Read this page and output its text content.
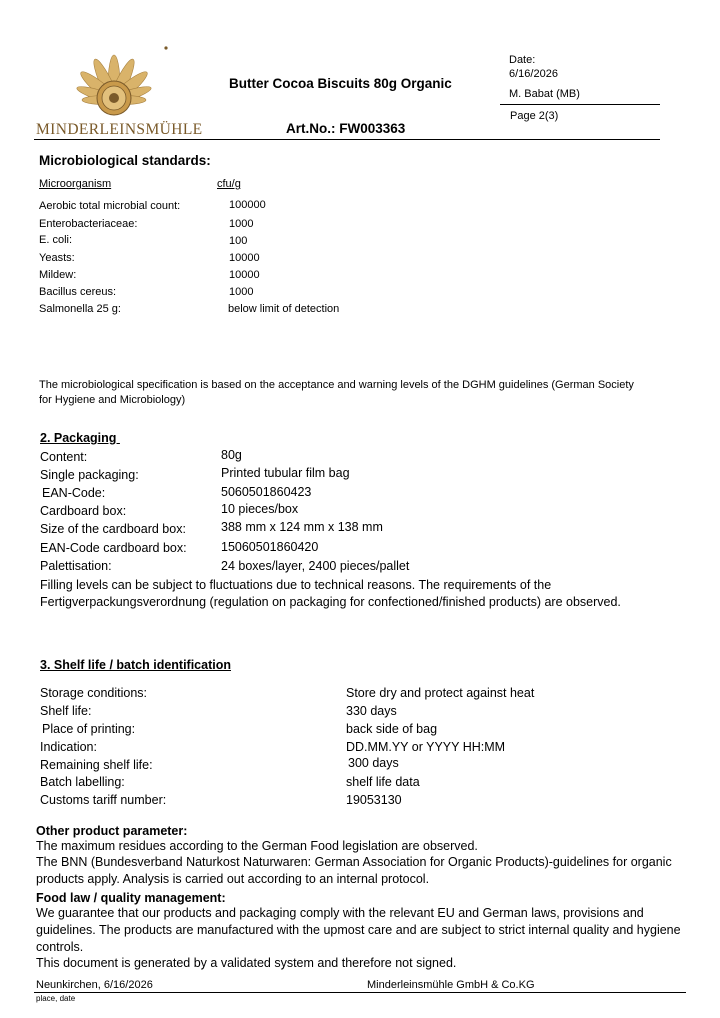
MINDERLEINSMÜHLE
Butter Cocoa Biscuits 80g Organic
Art.No.: FW003363
Date:
6/16/2026
M. Babat (MB)
Page 2(3)
Microbiological standards:
Microorganism	cfu/g
Aerobic total microbial count:	100000
Enterobacteriaceae:	1000
E. coli:	100
Yeasts:	10000
Mildew:	10000
Bacillus cereus:	1000
Salmonella 25 g:	below limit of detection
The microbiological specification is based on the acceptance and warning levels of the DGHM guidelines (German Society for Hygiene and Microbiology)
2. Packaging
Content:	80g
Single packaging:	Printed tubular film bag
EAN-Code:	5060501860423
Cardboard box:	10 pieces/box
Size of the cardboard box:	388 mm x 124 mm x 138 mm
EAN-Code cardboard box:	15060501860420
Palettisation:	24 boxes/layer, 2400 pieces/pallet
Filling levels can be subject to fluctuations due to technical reasons. The requirements of the Fertigverpackungsverordnung (regulation on packaging for confectioned/finished products) are observed.
3. Shelf life / batch identification
Storage conditions:	Store dry and protect against heat
Shelf life:	330 days
Place of printing:	back side of bag
Indication:	DD.MM.YY or YYYY HH:MM
Remaining shelf life:	300 days
Batch labelling:	shelf life data
Customs tariff number:	19053130
Other product parameter:
The maximum residues according to the German Food legislation are observed.
The BNN (Bundesverband Naturkost Naturwaren: German Association for Organic Products)-guidelines for organic products apply. Analysis is carried out according to an internal protocol.
Food law / quality management:
We guarantee that our products and packaging comply with the relevant EU and German laws, provisions and guidelines. The products are manufactured with the upmost care and are subject to strict internal quality and hygiene controls.
This document is generated by a validated system and therefore not signed.
Neunkirchen, 6/16/2026	Minderleinsmühle GmbH & Co.KG
place, date
